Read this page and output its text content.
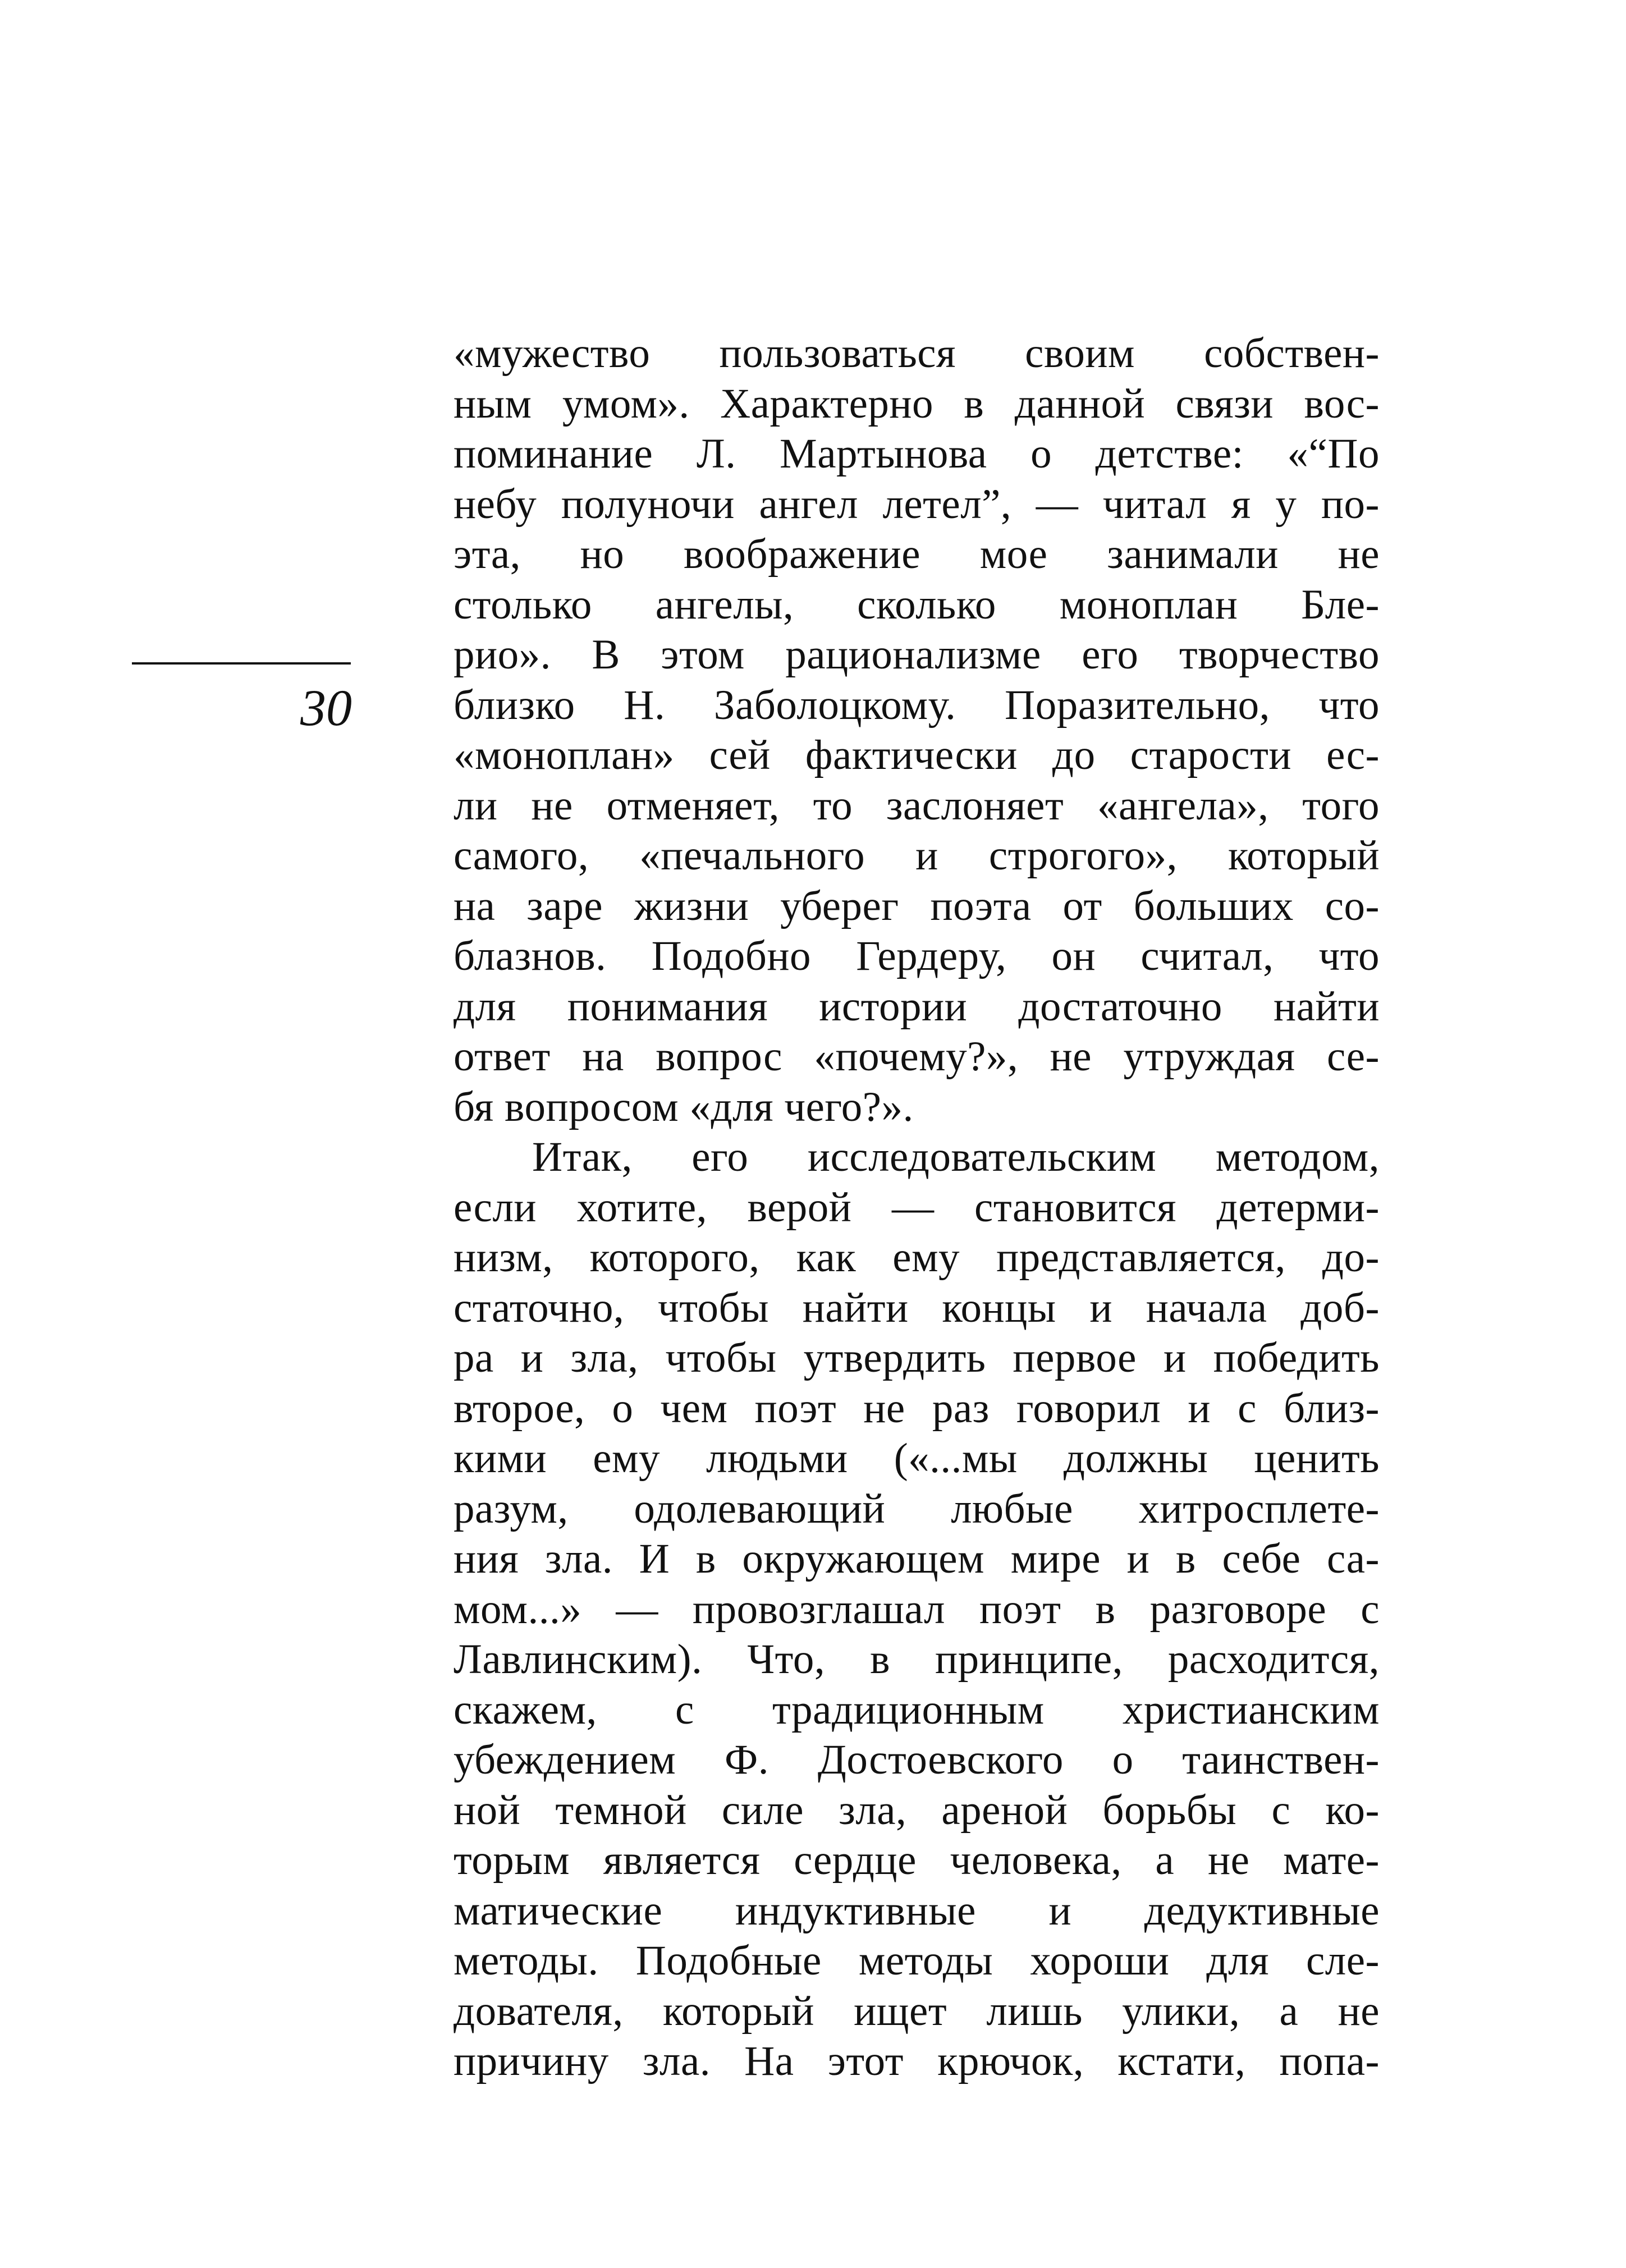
30
«мужество пользоваться своим собствен-
ным умом». Характерно в данной связи вос-
поминание Л. Мартынова о детстве: «“По
небу полуночи ангел летел”, — читал я у по-
эта, но воображение мое занимали не
столько ангелы, сколько моноплан Бле-
рио». В этом рационализме его творчество
близко Н. Заболоцкому. Поразительно, что
«моноплан» сей фактически до старости ес-
ли не отменяет, то заслоняет «ангела», того
самого, «печального и строгого», который
на заре жизни уберег поэта от больших со-
блазнов. Подобно Гердеру, он считал, что
для понимания истории достаточно найти
ответ на вопрос «почему?», не утруждая се-
бя вопросом «для чего?».
Итак, его исследовательским методом,
если хотите, верой — становится детерми-
низм, которого, как ему представляется, до-
статочно, чтобы найти концы и начала доб-
ра и зла, чтобы утвердить первое и победить
второе, о чем поэт не раз говорил и с близ-
кими ему людьми («...мы должны ценить
разум, одолевающий любые хитросплете-
ния зла. И в окружающем мире и в себе са-
мом...» — провозглашал поэт в разговоре с
Лавлинским). Что, в принципе, расходится,
скажем, с традиционным христианским
убеждением Ф. Достоевского о таинствен-
ной темной силе зла, ареной борьбы с ко-
торым является сердце человека, а не мате-
матические индуктивные и дедуктивные
методы. Подобные методы хороши для сле-
дователя, который ищет лишь улики, а не
причину зла. На этот крючок, кстати, попа-
